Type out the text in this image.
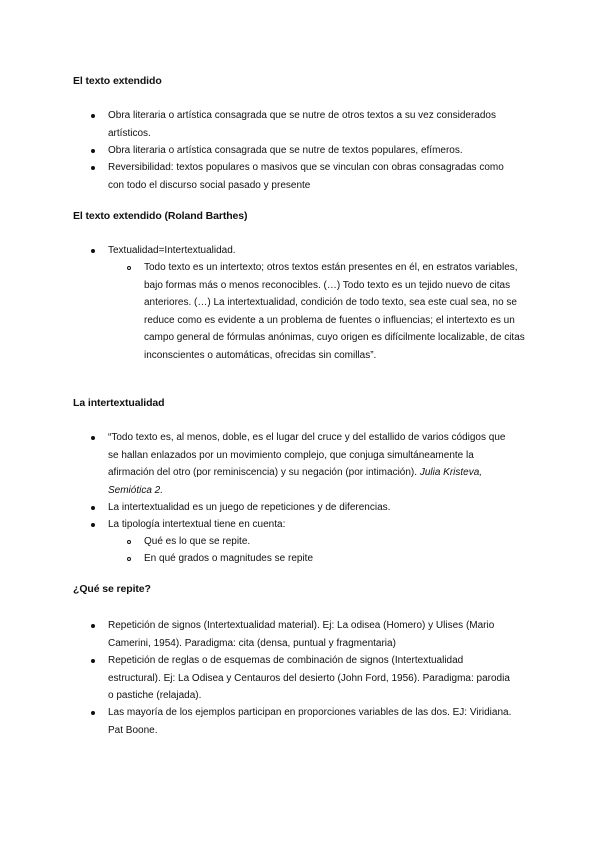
El texto extendido
Obra literaria o artística consagrada que se nutre de otros textos a su vez considerados artísticos.
Obra literaria o artística consagrada que se nutre de textos populares, efímeros.
Reversibilidad: textos populares o masivos que se vinculan con obras consagradas como con todo el discurso social pasado y presente
El texto extendido (Roland Barthes)
Textualidad=Intertextualidad.
Todo texto es un intertexto; otros textos están presentes en él, en estratos variables, bajo formas más o menos reconocibles. (…) Todo texto es un tejido nuevo de citas anteriores. (…) La intertextualidad, condición de todo texto, sea este cual sea, no se reduce como es evidente a un problema de fuentes o influencias; el intertexto es un campo general de fórmulas anónimas, cuyo origen es difícilmente localizable, de citas inconscientes o automáticas, ofrecidas sin comillas”.
La intertextualidad
“Todo texto es, al menos, doble, es el lugar del cruce y del estallido de varios códigos que se hallan enlazados por un movimiento complejo, que conjuga simultáneamente la afirmación del otro (por reminiscencia) y su negación (por intimación). Julia Kristeva, Semiótica 2.
La intertextualidad es un juego de repeticiones y de diferencias.
La tipología intertextual tiene en cuenta:
Qué es lo que se repite.
En qué grados o magnitudes se repite
¿Qué se repite?
Repetición de signos (Intertextualidad material). Ej: La odisea (Homero) y Ulises (Mario Camerini, 1954). Paradigma: cita (densa, puntual y fragmentaria)
Repetición de reglas o de esquemas de combinación de signos (Intertextualidad estructural). Ej: La Odisea y Centauros del desierto (John Ford, 1956). Paradigma: parodia o pastiche (relajada).
Las mayoría de los ejemplos participan en proporciones variables de las dos. EJ: Viridiana. Pat Boone.
